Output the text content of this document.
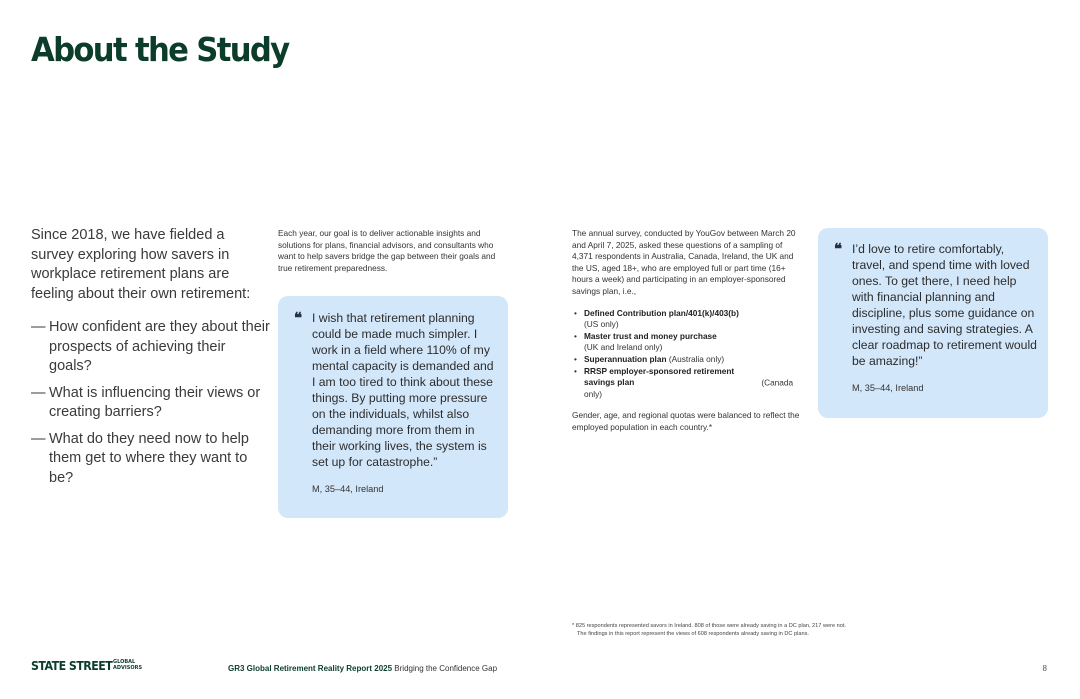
About the Study

Since 2018, we have fielded a survey exploring how savers in workplace retirement plans are feeling about their own retirement:

— How confident are they about their prospects of achieving their goals?
— What is influencing their views or creating barriers?
— What do they need now to help them get to where they want to be?
Each year, our goal is to deliver actionable insights and solutions for plans, financial advisors, and consultants who want to help savers bridge the gap between their goals and true retirement preparedness.
❝ I wish that retirement planning could be made much simpler. I work in a field where 110% of my mental capacity is demanded and I am too tired to think about these things. By putting more pressure on the individuals, whilst also demanding more from them in their working lives, the system is set up for catastrophe.”
M, 35–44, Ireland

The annual survey, conducted by YouGov between March 20 and April 7, 2025, asked these questions of a sampling of 4,371 respondents in Australia, Canada, Ireland, the UK and the US, aged 18+, who are employed full or part time (16+ hours a week) and participating in an employer-sponsored savings plan, i.e.,

• Defined Contribution plan/401(k)/403(b)
(US only)
• Master trust and money purchase
(UK and Ireland only)
• Superannuation plan (Australia only)
• RRSP employer-sponsored retirement savings plan	(Canada only)

Gender, age, and regional quotas were balanced to reflect the employed population in each country.*

❝ I’d love to retire comfortably, travel, and spend time with loved ones. To get there, I need help with financial planning and discipline, plus some guidance on investing and saving strategies. A clear roadmap to retirement would be amazing!”
M, 35–44, Ireland
* 825 respondents represented savors in Ireland. 808 of those were already saving in a DC plan, 217 were not.
The findings in this report represent the views of 608 respondents already saving in DC plans.
STATE STREET GLOBAL
ADVISORS	GR3 Global Retirement Reality Report 2025 Bridging the Confidence Gap	8
